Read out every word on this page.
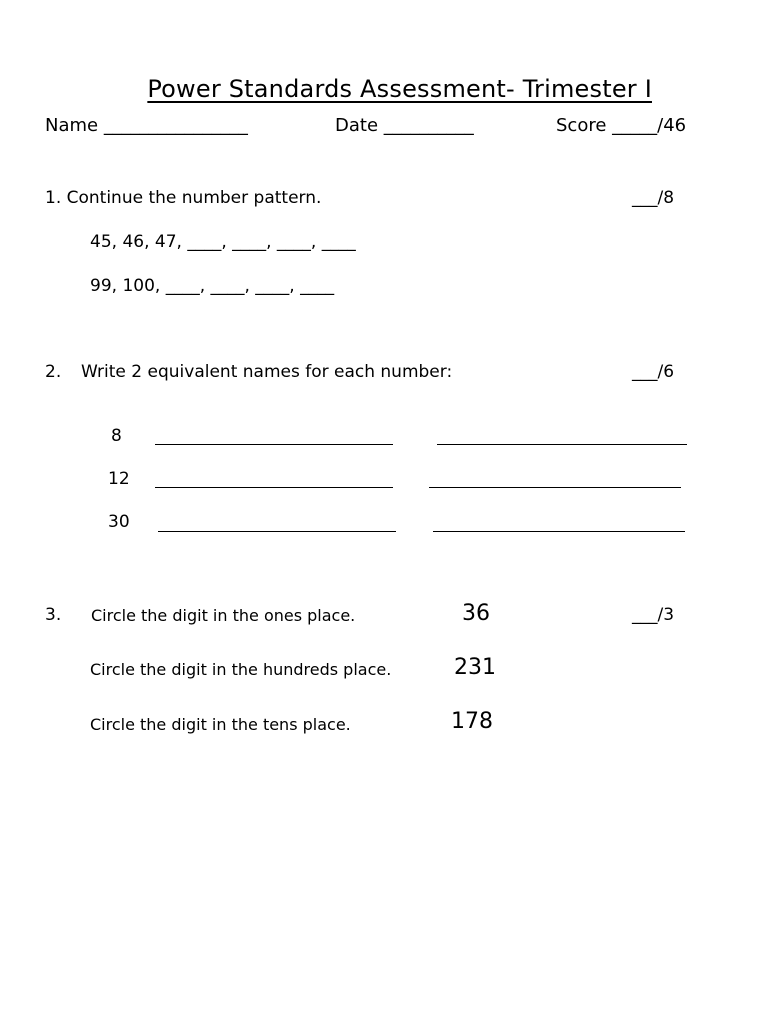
Power Standards Assessment- Trimester I

Name ________________	Date __________	Score _____/46
1. Continue the number pattern.	___/8
45, 46, 47, ____, ____, ____, ____
99, 100, ____, ____, ____, ____
2. Write 2 equivalent names for each number:	___/6
8
12
30
3. Circle the digit in the ones place.	36	___/3
Circle the digit in the hundreds place.	231
Circle the digit in the tens place.	178
